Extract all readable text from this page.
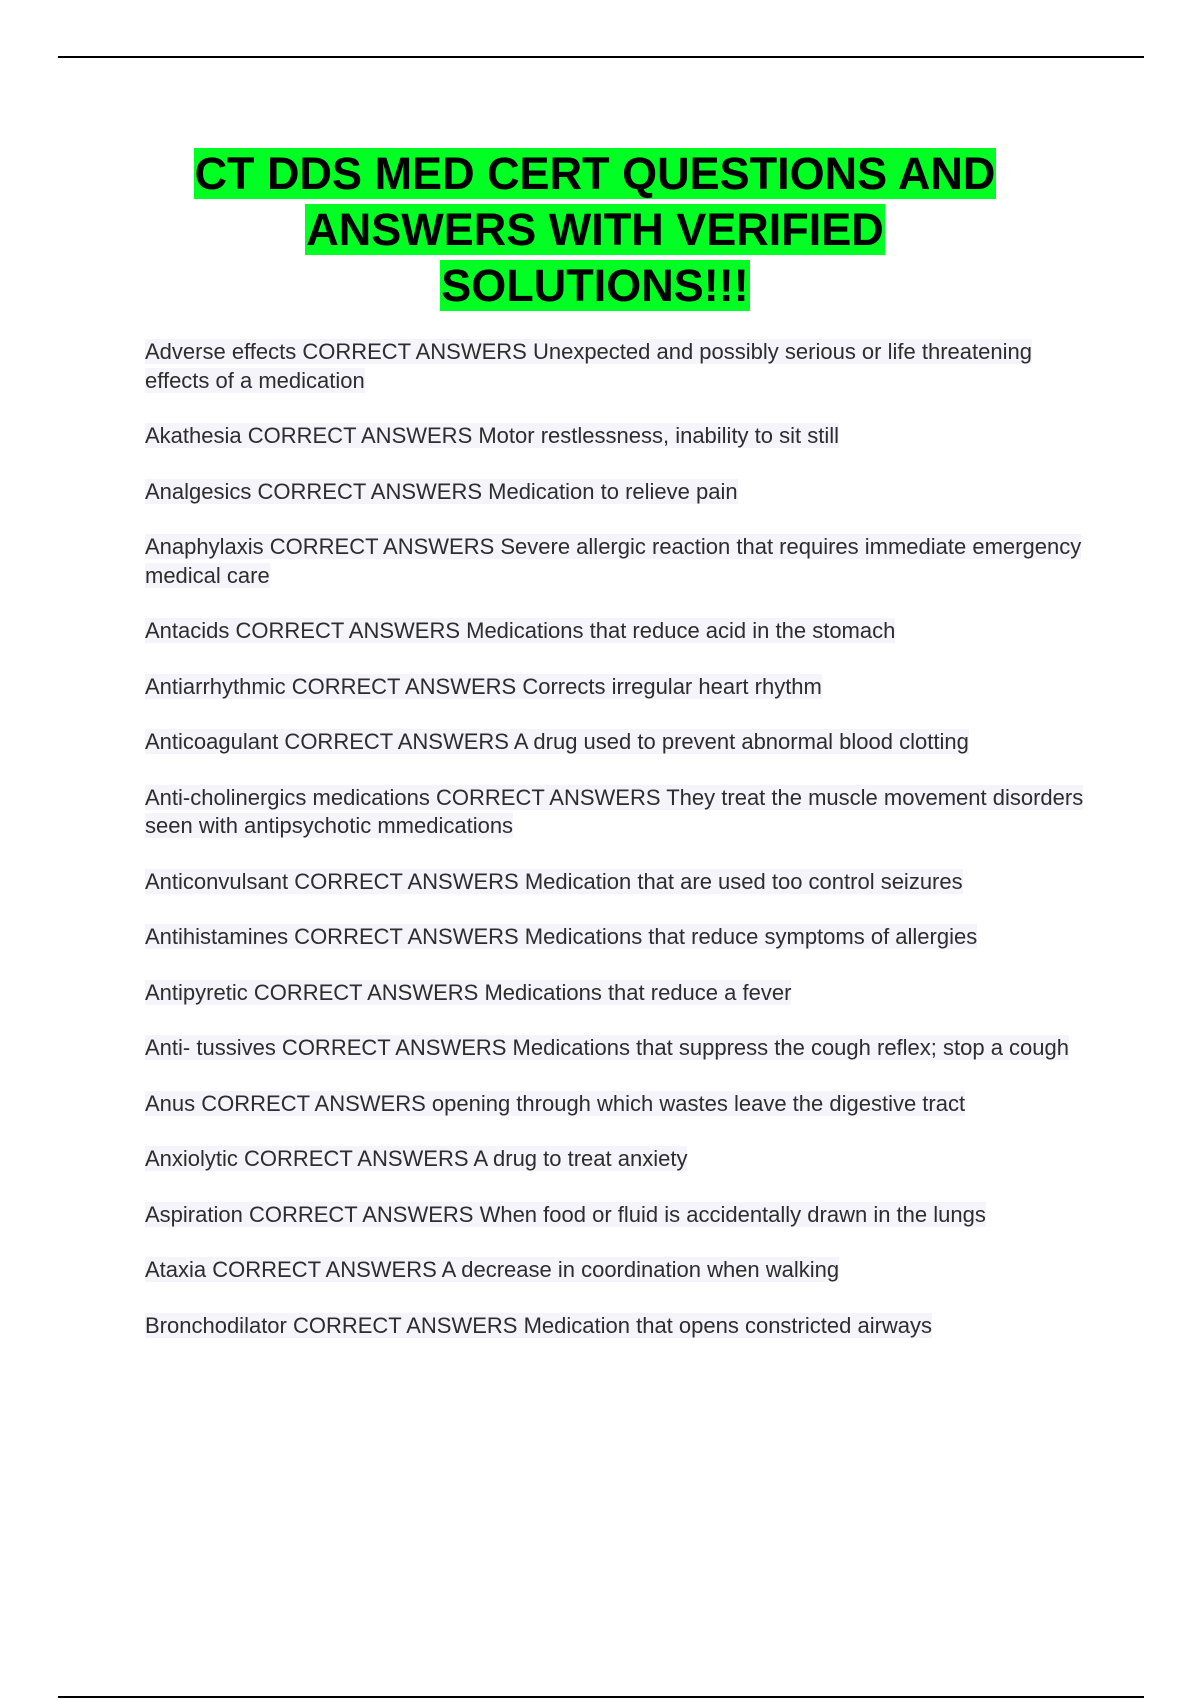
CT DDS MED CERT QUESTIONS AND
ANSWERS WITH VERIFIED
SOLUTIONS!!!

Adverse effects CORRECT ANSWERS Unexpected and possibly serious or life threatening effects of a medication

Akathesia CORRECT ANSWERS Motor restlessness, inability to sit still

Analgesics CORRECT ANSWERS Medication to relieve pain

Anaphylaxis CORRECT ANSWERS Severe allergic reaction that requires immediate emergency medical care

Antacids CORRECT ANSWERS Medications that reduce acid in the stomach

Antiarrhythmic CORRECT ANSWERS Corrects irregular heart rhythm

Anticoagulant CORRECT ANSWERS A drug used to prevent abnormal blood clotting

Anti-cholinergics medications CORRECT ANSWERS They treat the muscle movement disorders seen with antipsychotic mmedications

Anticonvulsant CORRECT ANSWERS Medication that are used too control seizures

Antihistamines CORRECT ANSWERS Medications that reduce symptoms of allergies

Antipyretic CORRECT ANSWERS Medications that reduce a fever

Anti- tussives CORRECT ANSWERS Medications that suppress the cough reflex; stop a cough

Anus CORRECT ANSWERS opening through which wastes leave the digestive tract

Anxiolytic CORRECT ANSWERS A drug to treat anxiety

Aspiration CORRECT ANSWERS When food or fluid is accidentally drawn in the lungs

Ataxia CORRECT ANSWERS A decrease in coordination when walking

Bronchodilator CORRECT ANSWERS Medication that opens constricted airways
